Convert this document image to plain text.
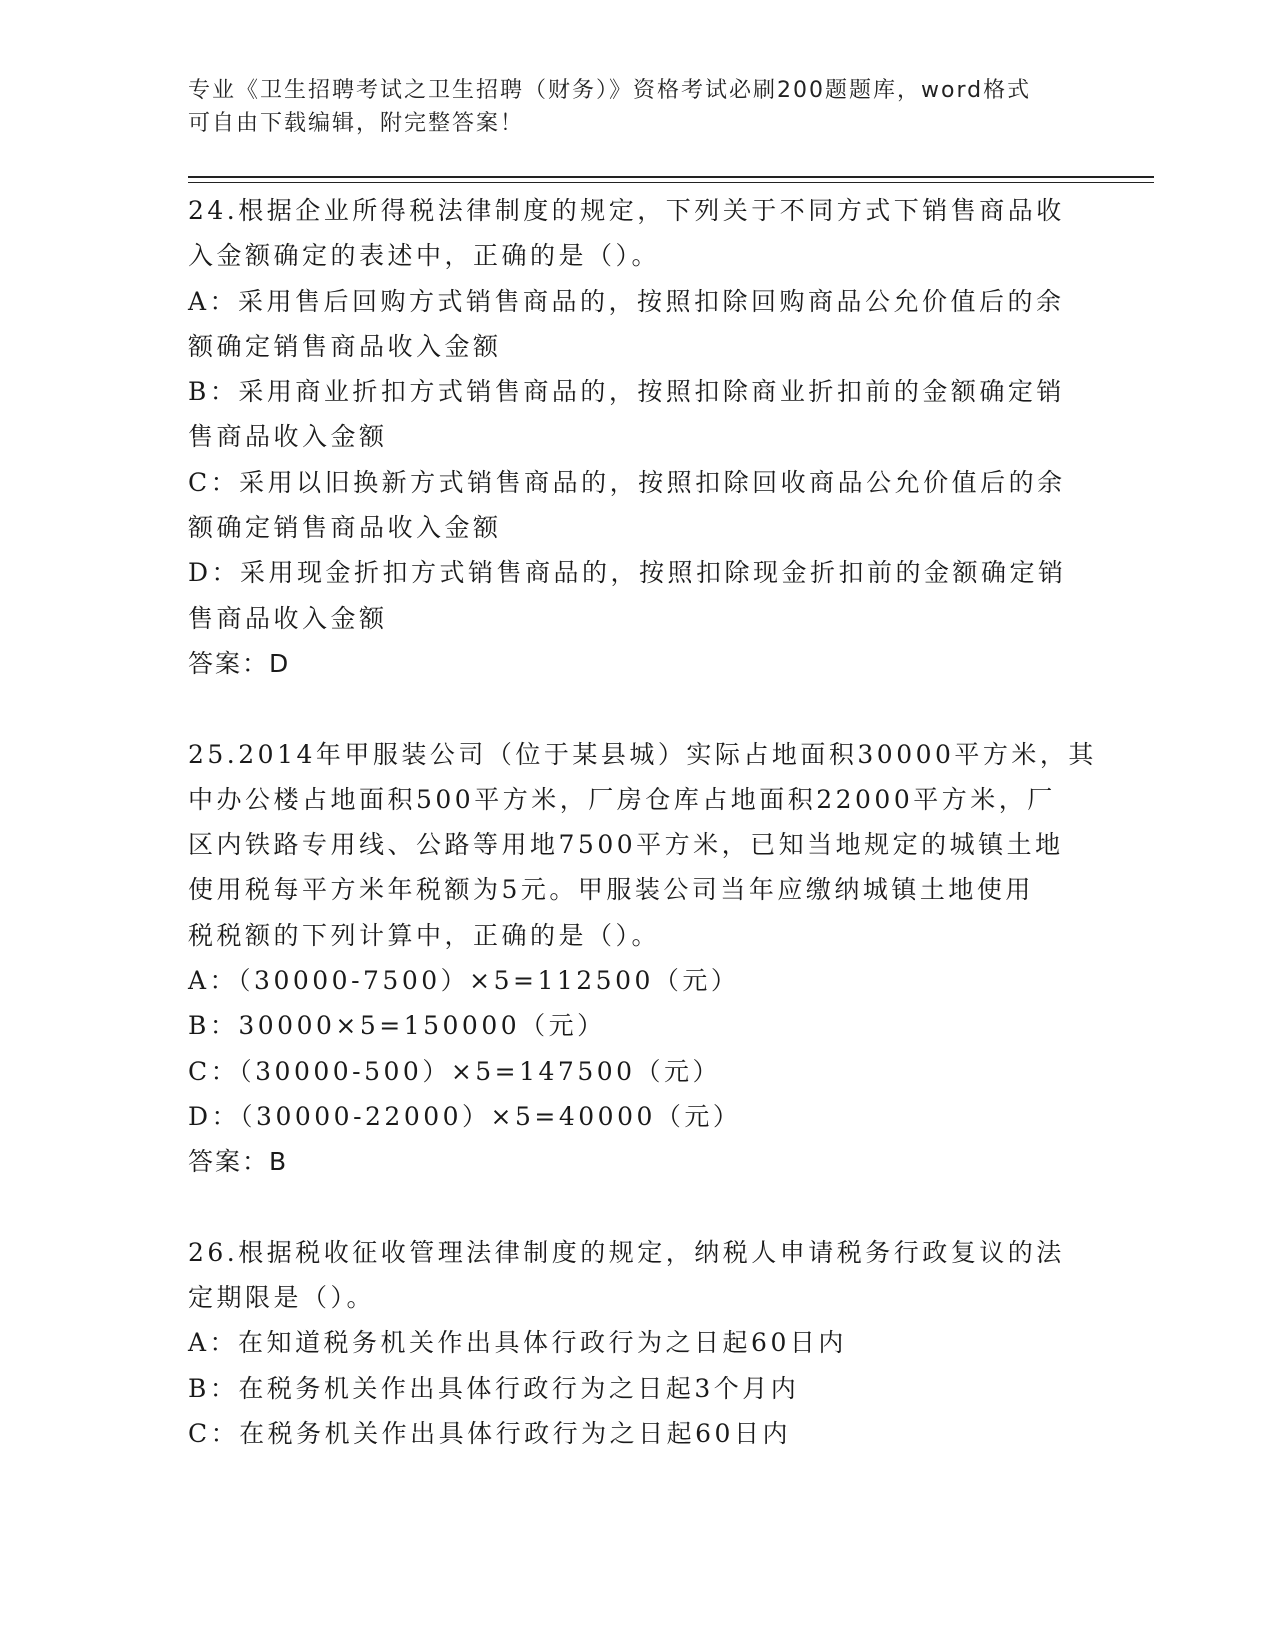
专业《卫生招聘考试之卫生招聘（财务）》资格考试必刷200题题库，word格式
可自由下载编辑，附完整答案！
24.根据企业所得税法律制度的规定，下列关于不同方式下销售商品收
入金额确定的表述中，正确的是（）。
A：采用售后回购方式销售商品的，按照扣除回购商品公允价值后的余
额确定销售商品收入金额
B：采用商业折扣方式销售商品的，按照扣除商业折扣前的金额确定销
售商品收入金额
C：采用以旧换新方式销售商品的，按照扣除回收商品公允价值后的余
额确定销售商品收入金额
D：采用现金折扣方式销售商品的，按照扣除现金折扣前的金额确定销
售商品收入金额
答案：D
25.2014年甲服装公司（位于某县城）实际占地面积30000平方米，其
中办公楼占地面积500平方米，厂房仓库占地面积22000平方米，厂
区内铁路专用线、公路等用地7500平方米，已知当地规定的城镇土地
使用税每平方米年税额为5元。甲服装公司当年应缴纳城镇土地使用
税税额的下列计算中，正确的是（）。
A：（30000-7500）×5=112500（元）
B：30000×5=150000（元）
C：（30000-500）×5=147500（元）
D：（30000-22000）×5=40000（元）
答案：B
26.根据税收征收管理法律制度的规定，纳税人申请税务行政复议的法
定期限是（）。
A：在知道税务机关作出具体行政行为之日起60日内
B：在税务机关作出具体行政行为之日起3个月内
C：在税务机关作出具体行政行为之日起60日内
